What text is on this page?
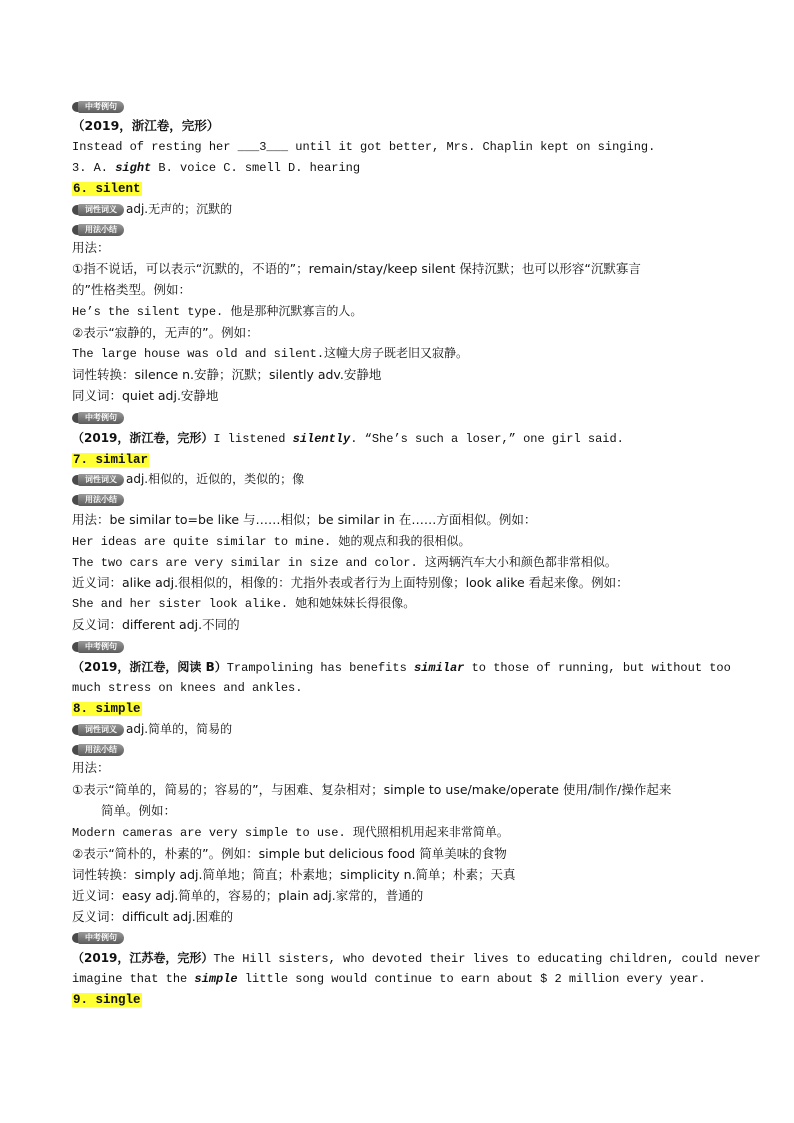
中考例句
（2019，浙江卷，完形）
Instead of resting her ___3___ until it got better, Mrs. Chaplin kept on singing.
3. A. sight B. voice C. smell D. hearing
6. silent
词性词义 adj.无声的；沉默的
用法小结
用法：
①指不说话，可以表示“沉默的，不语的”；remain/stay/keep silent 保持沉默；也可以形容“沉默寡言
的”性格类型。例如：
He’s the silent type. 他是那种沉默寡言的人。
②表示“寂静的，无声的”。例如：
The large house was old and silent.这幢大房子既老旧又寂静。
词性转换：silence n.安静；沉默；silently adv.安静地
同义词：quiet adj.安静地
中考例句
（2019，浙江卷，完形）I listened silently. “She’s such a loser,” one girl said.
7. similar
词性词义 adj.相似的，近似的，类似的；像
用法小结
用法：be similar to=be like 与……相似；be similar in 在……方面相似。例如：
Her ideas are quite similar to mine. 她的观点和我的很相似。
The two cars are very similar in size and color. 这两辆汽车大小和颜色都非常相似。
近义词：alike adj.很相似的，相像的：尤指外表或者行为上面特别像；look alike 看起来像。例如：
She and her sister look alike. 她和她妹妹长得很像。
反义词：different adj.不同的
中考例句
（2019，浙江卷，阅读 B）Trampolining has benefits similar to those of running, but without too
much stress on knees and ankles.
8. simple
词性词义 adj.简单的，简易的
用法小结
用法：
①表示“简单的，简易的；容易的”，与困难、复杂相对；simple to use/make/operate 使用/制作/操作起来
简单。例如：
Modern cameras are very simple to use. 现代照相机用起来非常简单。
②表示“简朴的，朴素的”。例如：simple but delicious food 简单美味的食物
词性转换：simply adj.简单地；简直；朴素地；simplicity n.简单；朴素；天真
近义词：easy adj.简单的，容易的；plain adj.家常的，普通的
反义词：difficult adj.困难的
中考例句
（2019，江苏卷，完形）The Hill sisters, who devoted their lives to educating children, could never
imagine that the simple little song would continue to earn about $ 2 million every year.
9. single
